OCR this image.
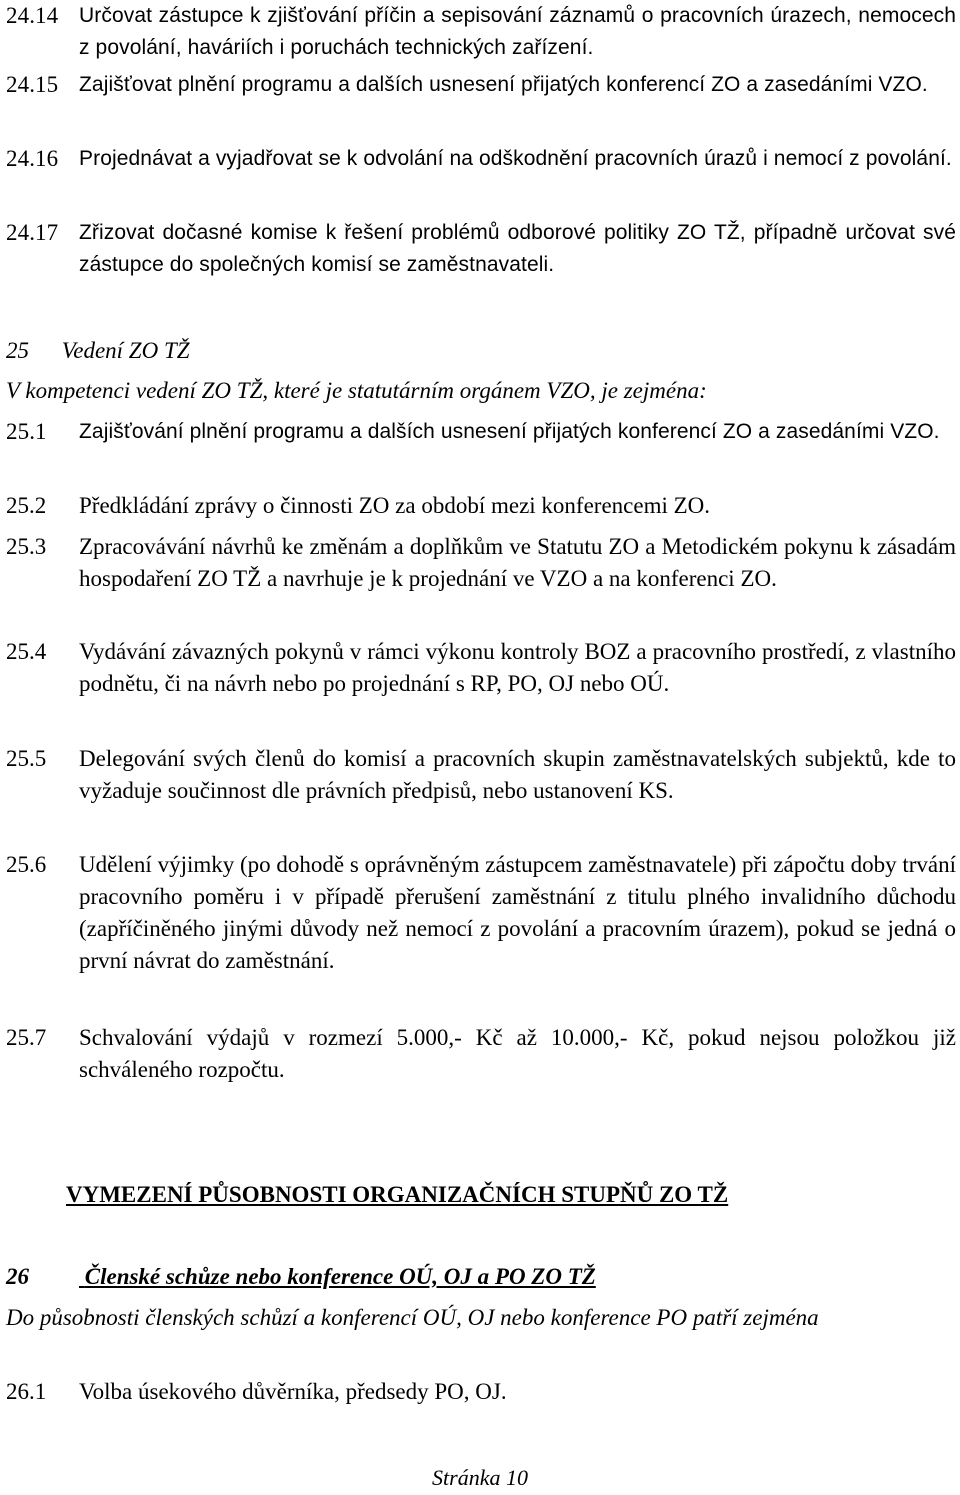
24.14 Určovat zástupce k zjišťování příčin a sepisování záznamů o pracovních úrazech, nemocech z povolání, haváriích i poruchách technických zařízení.
24.15 Zajišťovat plnění programu a dalších usnesení přijatých konferencí ZO a zasedáními VZO.
24.16 Projednávat a vyjadřovat se k odvolání na odškodnění pracovních úrazů i nemocí z povolání.
24.17 Zřizovat dočasné komise k řešení problémů odborové politiky ZO TŽ, případně určovat své zástupce do společných komisí se zaměstnavateli.
25 Vedení ZO TŽ
V kompetenci vedení ZO TŽ, které je statutárním orgánem VZO, je zejména:
25.1 Zajišťování plnění programu a dalších usnesení přijatých konferencí ZO a zasedáními VZO.
25.2 Předkládání zprávy o činnosti ZO za období mezi konferencemi ZO.
25.3 Zpracovávání návrhů ke změnám a doplňkům ve Statutu ZO a Metodickém pokynu k zásadám hospodaření ZO TŽ a navrhuje je k projednání ve VZO a na konferenci ZO.
25.4 Vydávání závazných pokynů v rámci výkonu kontroly BOZ a pracovního prostředí, z vlastního podnětu, či na návrh nebo po projednání s RP, PO, OJ nebo OÚ.
25.5 Delegování svých členů do komisí a pracovních skupin zaměstnavatelských subjektů, kde to vyžaduje součinnost dle právních předpisů, nebo ustanovení KS.
25.6 Udělení výjimky (po dohodě s oprávněným zástupcem zaměstnavatele) při zápočtu doby trvání pracovního poměru i v případě přerušení zaměstnání z titulu plného invalidního důchodu (zapříčiněného jinými důvody než nemocí z povolání a pracovním úrazem), pokud se jedná o první návrat do zaměstnání.
25.7 Schvalování výdajů v rozmezí 5.000,- Kč až 10.000,- Kč, pokud nejsou položkou již schváleného rozpočtu.
VYMEZENÍ PŮSOBNOSTI ORGANIZAČNÍCH STUPŇŮ ZO TŽ
26 Členské schůze nebo konference OÚ, OJ a PO ZO TŽ
Do působnosti členských schůzí a konferencí OÚ, OJ nebo konference PO patří zejména
26.1 Volba úsekového důvěrníka, předsedy PO, OJ.
Stránka 10
